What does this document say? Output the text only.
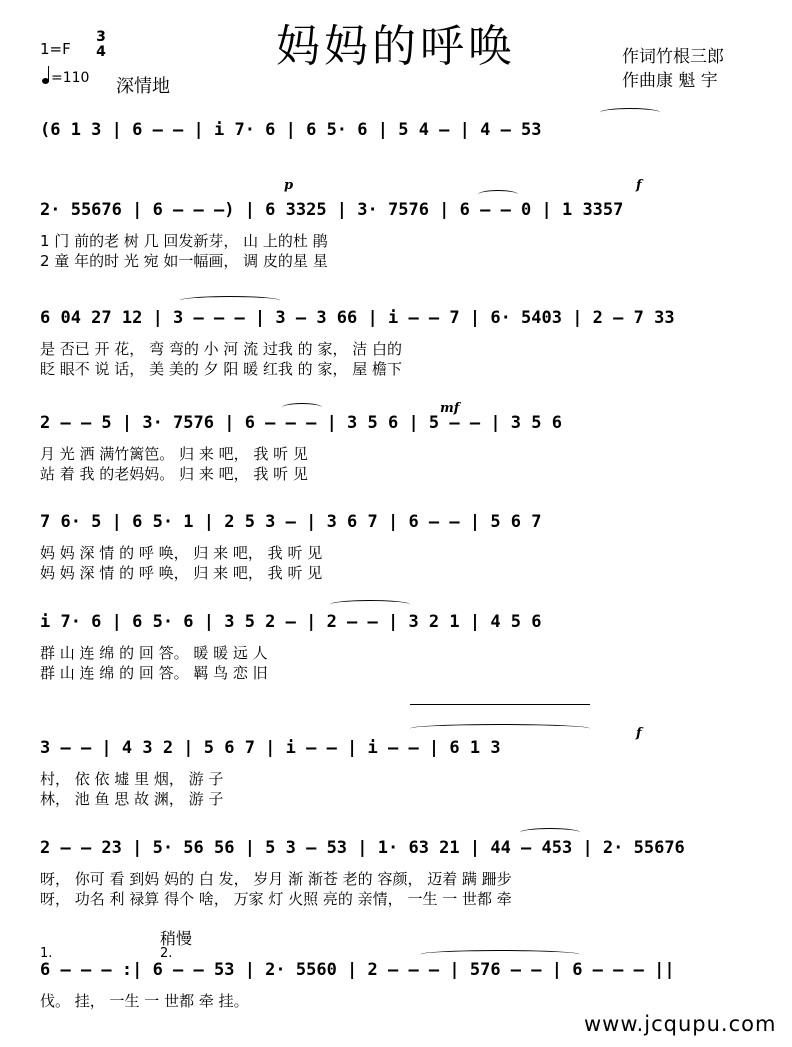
妈妈的呼唤
1=F
3
4
=110 深情地
作词竹根三郎
作曲康 魁 宇
(6 1 3 | 6 — — | i 7· 6 | 6 5· 6 | 5 4 — | 4 — 53
p	f
2· 55676 | 6 — — —) | 6 3325 | 3· 7576 | 6 — — 0 | 1 3357
1 门 前的老 树 几 回发新芽， 山 上的杜 鹃
2 童 年的时 光 宛 如一幅画， 调 皮的星 星
6 04 27 12 | 3 — — — | 3 — 3 66 | i — — 7 | 6· 5403 | 2 — 7 33
是 否已 开 花， 弯 弯的 小 河 流 过我 的 家， 洁 白的
眨 眼不 说 话， 美 美的 夕 阳 暖 红我 的 家， 屋 檐下
mf
2 — — 5 | 3· 7576 | 6 — — — | 3 5 6 | 5 — — | 3 5 6
月 光 洒 满竹篱笆。 归 来 吧， 我 听 见
站 着 我 的老妈妈。 归 来 吧， 我 听 见
7 6· 5 | 6 5· 1 | 2 5 3 — | 3 6 7 | 6 — — | 5 6 7
妈 妈 深 情 的 呼 唤， 归 来 吧， 我 听 见
妈 妈 深 情 的 呼 唤， 归 来 吧， 我 听 见
i 7· 6 | 6 5· 6 | 3 5 2 — | 2 — — | 3 2 1 | 4 5 6
群 山 连 绵 的 回 答。 暖 暖 远 人
群 山 连 绵 的 回 答。 羁 鸟 恋 旧
f
3 — — | 4 3 2 | 5 6 7 | i — — | i — — | 6 1 3
村， 依 依 墟 里 烟， 游 子
林， 池 鱼 思 故 渊， 游 子
2 — — 23 | 5· 56 56 | 5 3 — 53 | 1· 63 21 | 44 — 453 | 2· 55676
呀， 你可 看 到妈 妈的 白 发， 岁月 渐 渐苍 老的 容颜， 迈着 蹒 跚步
呀， 功名 利 禄算 得个 啥， 万家 灯 火照 亮的 亲情， 一生 一 世都 牵
稍慢
1.	2.
6 — — — :| 6 — — 53 | 2· 5560 | 2 — — — | 576 — — | 6 — — — ||
伐。 挂， 一生 一 世都 牵 挂。
www.jcqupu.com
